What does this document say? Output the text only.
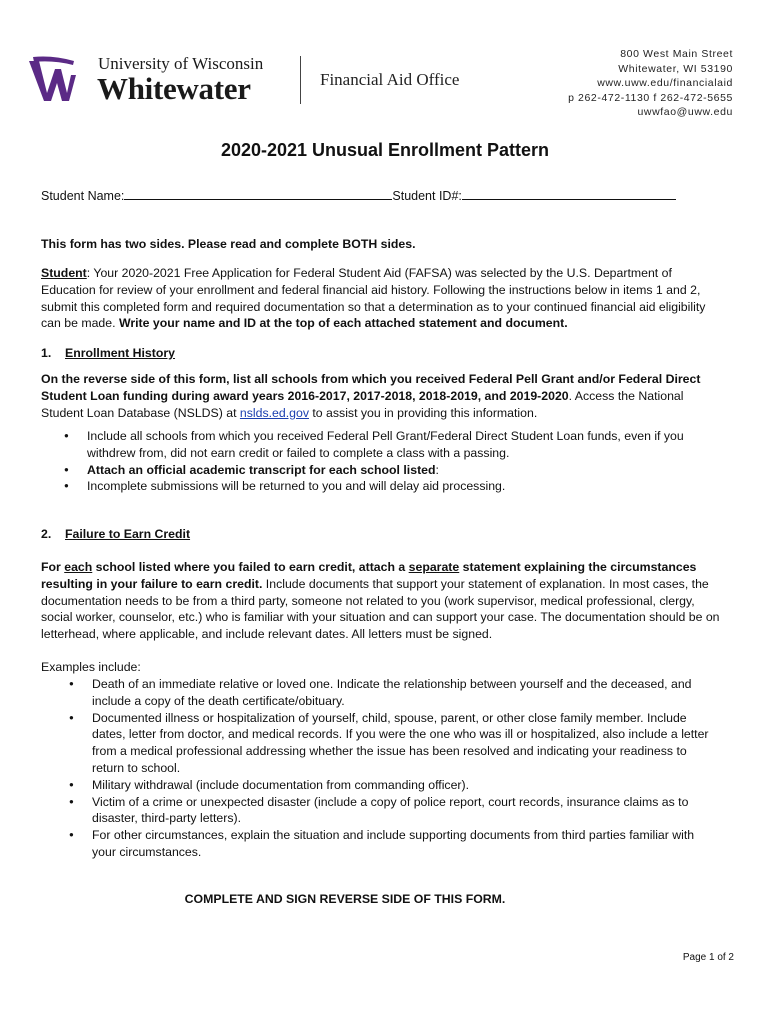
University of Wisconsin
Whitewater	Financial Aid Office
800 West Main Street
Whitewater, WI 53190
www.uww.edu/financialaid
p 262-472-1130 f 262-472-5655
uwwfao@uww.edu
2020-2021 Unusual Enrollment Pattern
Student Name:	Student ID#:
This form has two sides. Please read and complete BOTH sides.
Student: Your 2020-2021 Free Application for Federal Student Aid (FAFSA) was selected by the U.S. Department of Education for review of your enrollment and federal financial aid history. Following the instructions below in items 1 and 2, submit this completed form and required documentation so that a determination as to your continued financial aid eligibility can be made. Write your name and ID at the top of each attached statement and document.
1. Enrollment History
On the reverse side of this form, list all schools from which you received Federal Pell Grant and/or Federal Direct Student Loan funding during award years 2016-2017, 2017-2018, 2018-2019, and 2019-2020. Access the National Student Loan Database (NSLDS) at nslds.ed.gov to assist you in providing this information.
● Include all schools from which you received Federal Pell Grant/Federal Direct Student Loan funds, even if you withdrew from, did not earn credit or failed to complete a class with a passing.
● Attach an official academic transcript for each school listed:
● Incomplete submissions will be returned to you and will delay aid processing.
2. Failure to Earn Credit
For each school listed where you failed to earn credit, attach a separate statement explaining the circumstances resulting in your failure to earn credit. Include documents that support your statement of explanation. In most cases, the documentation needs to be from a third party, someone not related to you (work supervisor, medical professional, clergy, social worker, counselor, etc.) who is familiar with your situation and can support your case. The documentation should be on letterhead, where applicable, and include relevant dates. All letters must be signed.
Examples include:
● Death of an immediate relative or loved one. Indicate the relationship between yourself and the deceased, and include a copy of the death certificate/obituary.
● Documented illness or hospitalization of yourself, child, spouse, parent, or other close family member. Include dates, letter from doctor, and medical records. If you were the one who was ill or hospitalized, also include a letter from a medical professional addressing whether the issue has been resolved and indicating your readiness to return to school.
● Military withdrawal (include documentation from commanding officer).
● Victim of a crime or unexpected disaster (include a copy of police report, court records, insurance claims as to disaster, third-party letters).
● For other circumstances, explain the situation and include supporting documents from third parties familiar with your circumstances.
COMPLETE AND SIGN REVERSE SIDE OF THIS FORM.
Page 1 of 2
